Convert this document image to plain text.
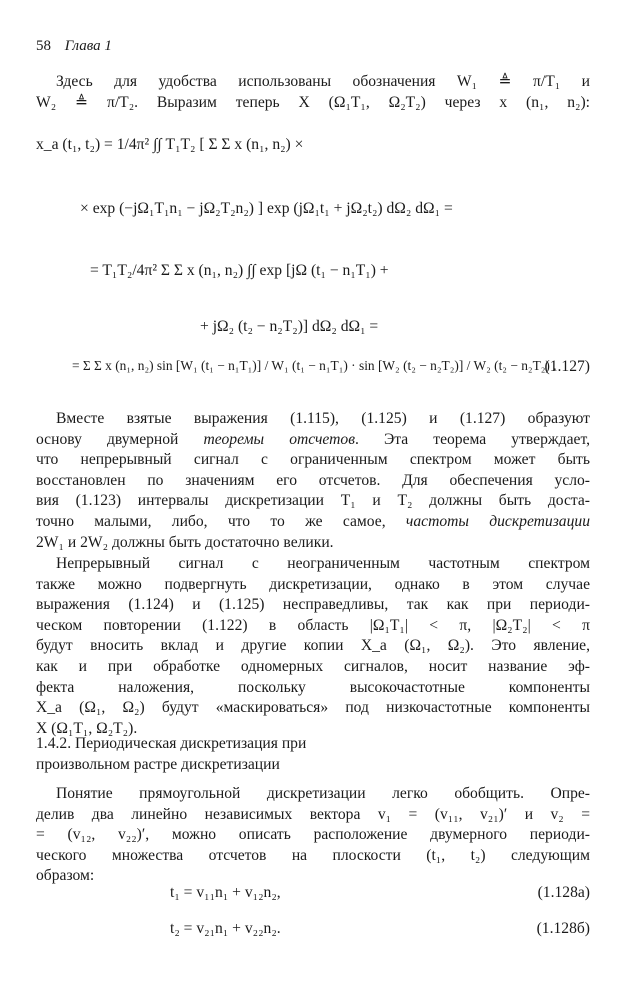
58 Глава 1
Здесь для удобства использованы обозначения W₁ ≜ π/T₁ и
W₂ ≜ π/T₂. Выразим теперь X (Ω₁T₁, Ω₂T₂) через x (n₁, n₂):
x_a (t₁, t₂) = 1/4π² ∫∫ T₁T₂ [ Σ Σ x (n₁, n₂) ×
× exp (−jΩ₁T₁n₁ − jΩ₂T₂n₂) ] exp (jΩ₁t₁ + jΩ₂t₂) dΩ₂ dΩ₁ =
= T₁T₂/4π² Σ Σ x (n₁, n₂) ∫∫ exp [jΩ (t₁ − n₁T₁) +
+ jΩ₂ (t₂ − n₂T₂)] dΩ₂ dΩ₁ =
= Σ Σ x (n₁, n₂) sin [W₁ (t₁ − n₁T₁)] / W₁ (t₁ − n₁T₁) · sin [W₂ (t₂ − n₂T₂)] / W₂ (t₂ − n₂T₂) .
(1.127)
Вместе взятые выражения (1.115), (1.125) и (1.127) образуют
основу двумерной теоремы отсчетов. Эта теорема утверждает,
что непрерывный сигнал с ограниченным спектром может быть
восстановлен по значениям его отсчетов. Для обеспечения усло-
вия (1.123) интервалы дискретизации T₁ и T₂ должны быть доста-
точно малыми, либо, что то же самое, частоты дискретизации
2W₁ и 2W₂ должны быть достаточно велики.
Непрерывный сигнал с неограниченным частотным спектром
также можно подвергнуть дискретизации, однако в этом случае
выражения (1.124) и (1.125) несправедливы, так как при периоди-
ческом повторении (1.122) в область |Ω₁T₁| < π, |Ω₂T₂| < π
будут вносить вклад и другие копии X_a (Ω₁, Ω₂). Это явление,
как и при обработке одномерных сигналов, носит название эф-
фекта наложения, поскольку высокочастотные компоненты
X_a (Ω₁, Ω₂) будут «маскироваться» под низкочастотные компоненты
X (Ω₁T₁, Ω₂T₂).
1.4.2. Периодическая дискретизация при
произвольном растре дискретизации
Понятие прямоугольной дискретизации легко обобщить. Опре-
делив два линейно независимых вектора v₁ = (v₁₁, v₂₁)′ и v₂ =
= (v₁₂, v₂₂)′, можно описать расположение двумерного периоди-
ческого множества отсчетов на плоскости (t₁, t₂) следующим
образом:
t₁ = v₁₁n₁ + v₁₂n₂,	(1.128a)
t₂ = v₂₁n₁ + v₂₂n₂.	(1.128б)
